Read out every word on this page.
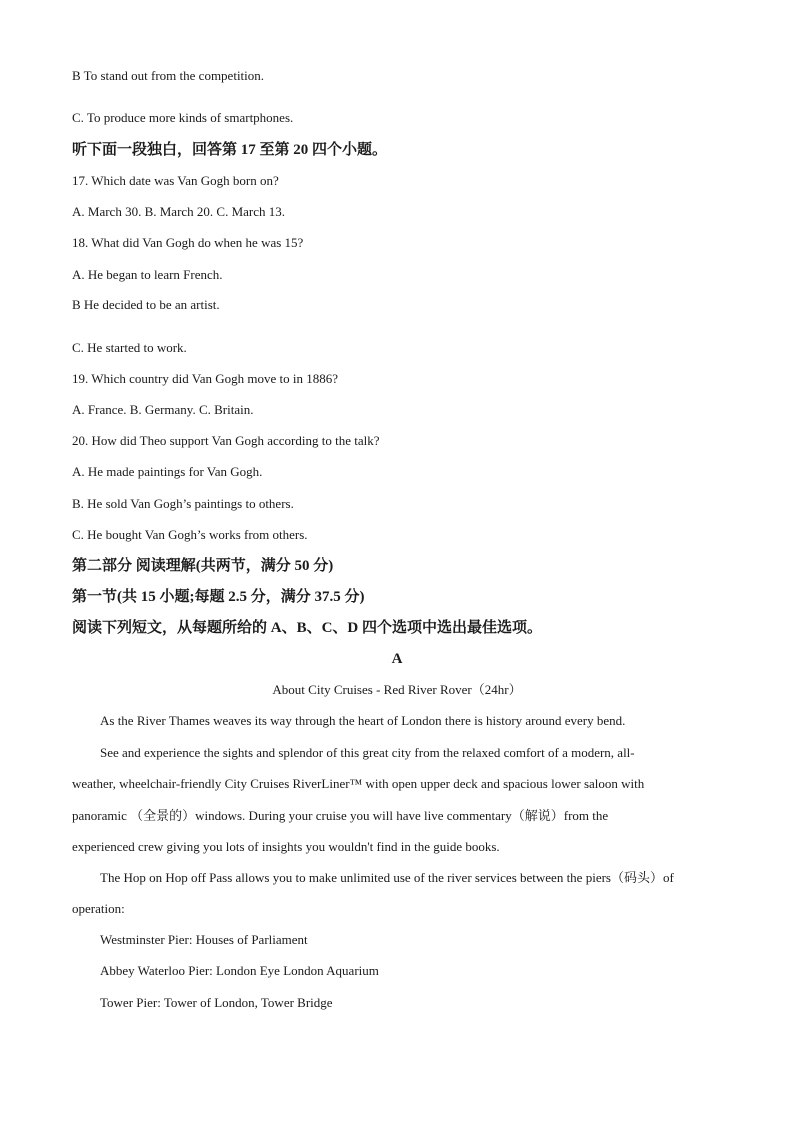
B To stand out from the competition.
C. To produce more kinds of smartphones.
听下面一段独白，回答第 17 至第 20 四个小题。
17. Which date was Van Gogh born on?
A. March 30. B. March 20. C. March 13.
18. What did Van Gogh do when he was 15?
A. He began to learn French.
B He decided to be an artist.
C. He started to work.
19. Which country did Van Gogh move to in 1886?
A. France. B. Germany. C. Britain.
20. How did Theo support Van Gogh according to the talk?
A. He made paintings for Van Gogh.
B. He sold Van Gogh’s paintings to others.
C. He bought Van Gogh’s works from others.
第二部分 阅读理解(共两节，满分 50 分)
第一节(共 15 小题;每题 2.5 分，满分 37.5 分)
阅读下列短文，从每题所给的 A、B、C、D 四个选项中选出最佳选项。
A
About City Cruises - Red River Rover（24hr）
As the River Thames weaves its way through the heart of London there is history around every bend.
See and experience the sights and splendor of this great city from the relaxed comfort of a modern, all-
weather, wheelchair-friendly City Cruises RiverLiner™ with open upper deck and spacious lower saloon with
panoramic （全景的）windows. During your cruise you will have live commentary（解说）from the
experienced crew giving you lots of insights you wouldn't find in the guide books.
The Hop on Hop off Pass allows you to make unlimited use of the river services between the piers（码头）of
operation:
Westminster Pier: Houses of Parliament
Abbey Waterloo Pier: London Eye London Aquarium
Tower Pier: Tower of London, Tower Bridge
